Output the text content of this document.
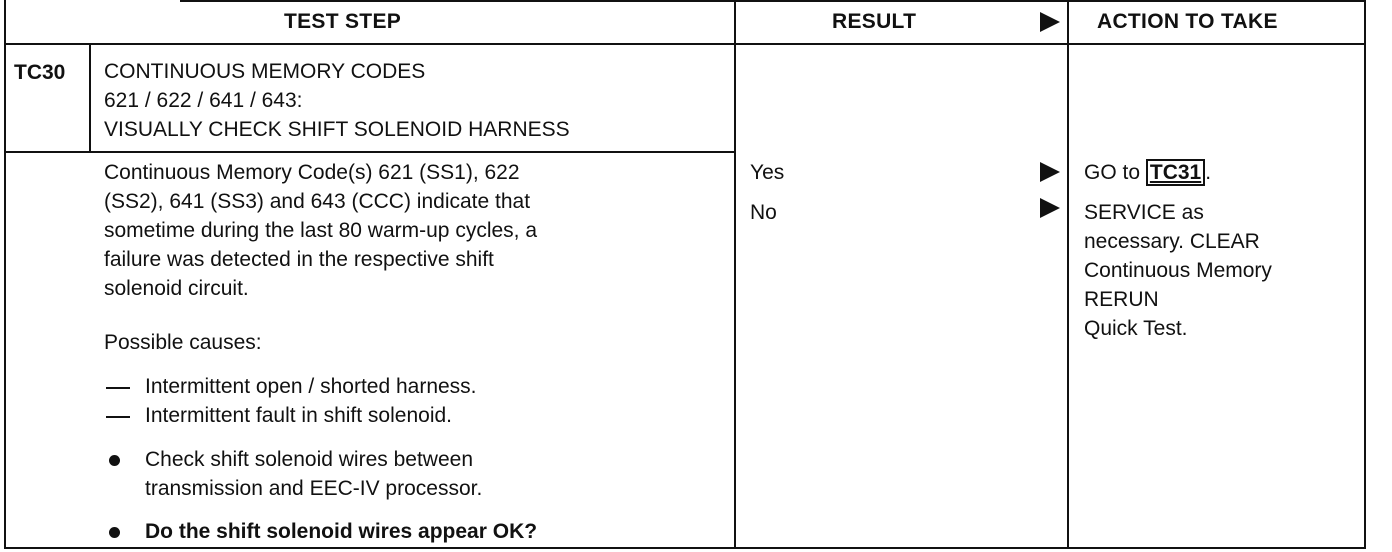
TEST STEP	RESULT	ACTION TO TAKE
TC30 CONTINUOUS MEMORY CODES
621 / 622 / 641 / 643:
VISUALLY CHECK SHIFT SOLENOID HARNESS
Continuous Memory Code(s) 621 (SS1), 622
(SS2), 641 (SS3) and 643 (CCC) indicate that
sometime during the last 80 warm-up cycles, a
failure was detected in the respective shift
solenoid circuit.
Possible causes:
Intermittent open / shorted harness.
Intermittent fault in shift solenoid.
Check shift solenoid wires between
transmission and EEC-IV processor.
Do the shift solenoid wires appear OK?
Yes
No
GO to TC31 .
SERVICE as
necessary. CLEAR
Continuous Memory
RERUN
Quick Test.
